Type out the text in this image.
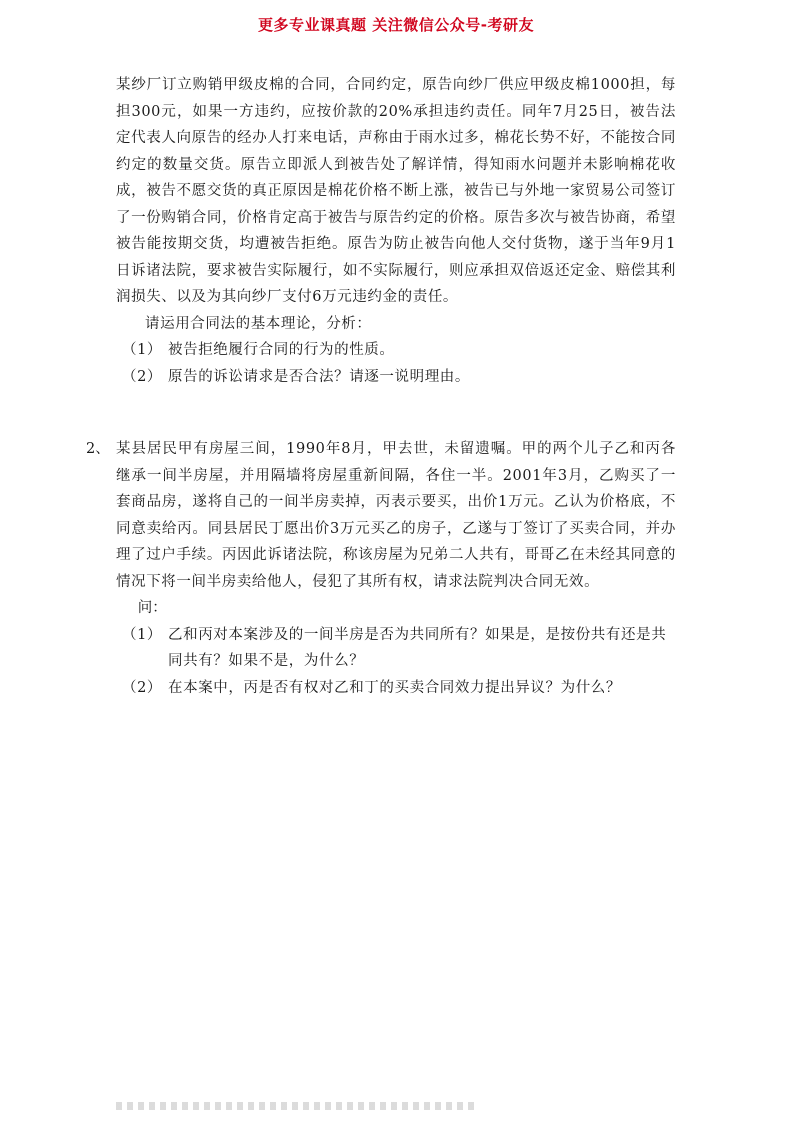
更多专业课真题 关注微信公众号-考研友

某纱厂订立购销甲级皮棉的合同，合同约定，原告向纱厂供应甲级皮棉1000担，每担300元，如果一方违约，应按价款的20%承担违约责任。同年7月25日，被告法定代表人向原告的经办人打来电话，声称由于雨水过多，棉花长势不好，不能按合同约定的数量交货。原告立即派人到被告处了解详情，得知雨水问题并未影响棉花收成，被告不愿交货的真正原因是棉花价格不断上涨，被告已与外地一家贸易公司签订了一份购销合同，价格肯定高于被告与原告约定的价格。原告多次与被告协商，希望被告能按期交货，均遭被告拒绝。原告为防止被告向他人交付货物，遂于当年9月1日诉诸法院，要求被告实际履行，如不实际履行，则应承担双倍返还定金、赔偿其利润损失、以及为其向纱厂支付6万元违约金的责任。

请运用合同法的基本理论，分析：

（1） 被告拒绝履行合同的行为的性质。
（2） 原告的诉讼请求是否合法？请逐一说明理由。
2、 某县居民甲有房屋三间，1990年8月，甲去世，未留遗嘱。甲的两个儿子乙和丙各继承一间半房屋，并用隔墙将房屋重新间隔，各住一半。2001年3月，乙购买了一套商品房，遂将自己的一间半房卖掉，丙表示要买，出价1万元。乙认为价格底，不同意卖给丙。同县居民丁愿出价3万元买乙的房子，乙遂与丁签订了买卖合同，并办理了过户手续。丙因此诉诸法院，称该房屋为兄弟二人共有，哥哥乙在未经其同意的情况下将一间半房卖给他人，侵犯了其所有权，请求法院判决合同无效。

问：

（1） 乙和丙对本案涉及的一间半房是否为共同所有？如果是，是按份共有还是共同共有？如果不是，为什么？
（2） 在本案中，丙是否有权对乙和丁的买卖合同效力提出异议？为什么？
